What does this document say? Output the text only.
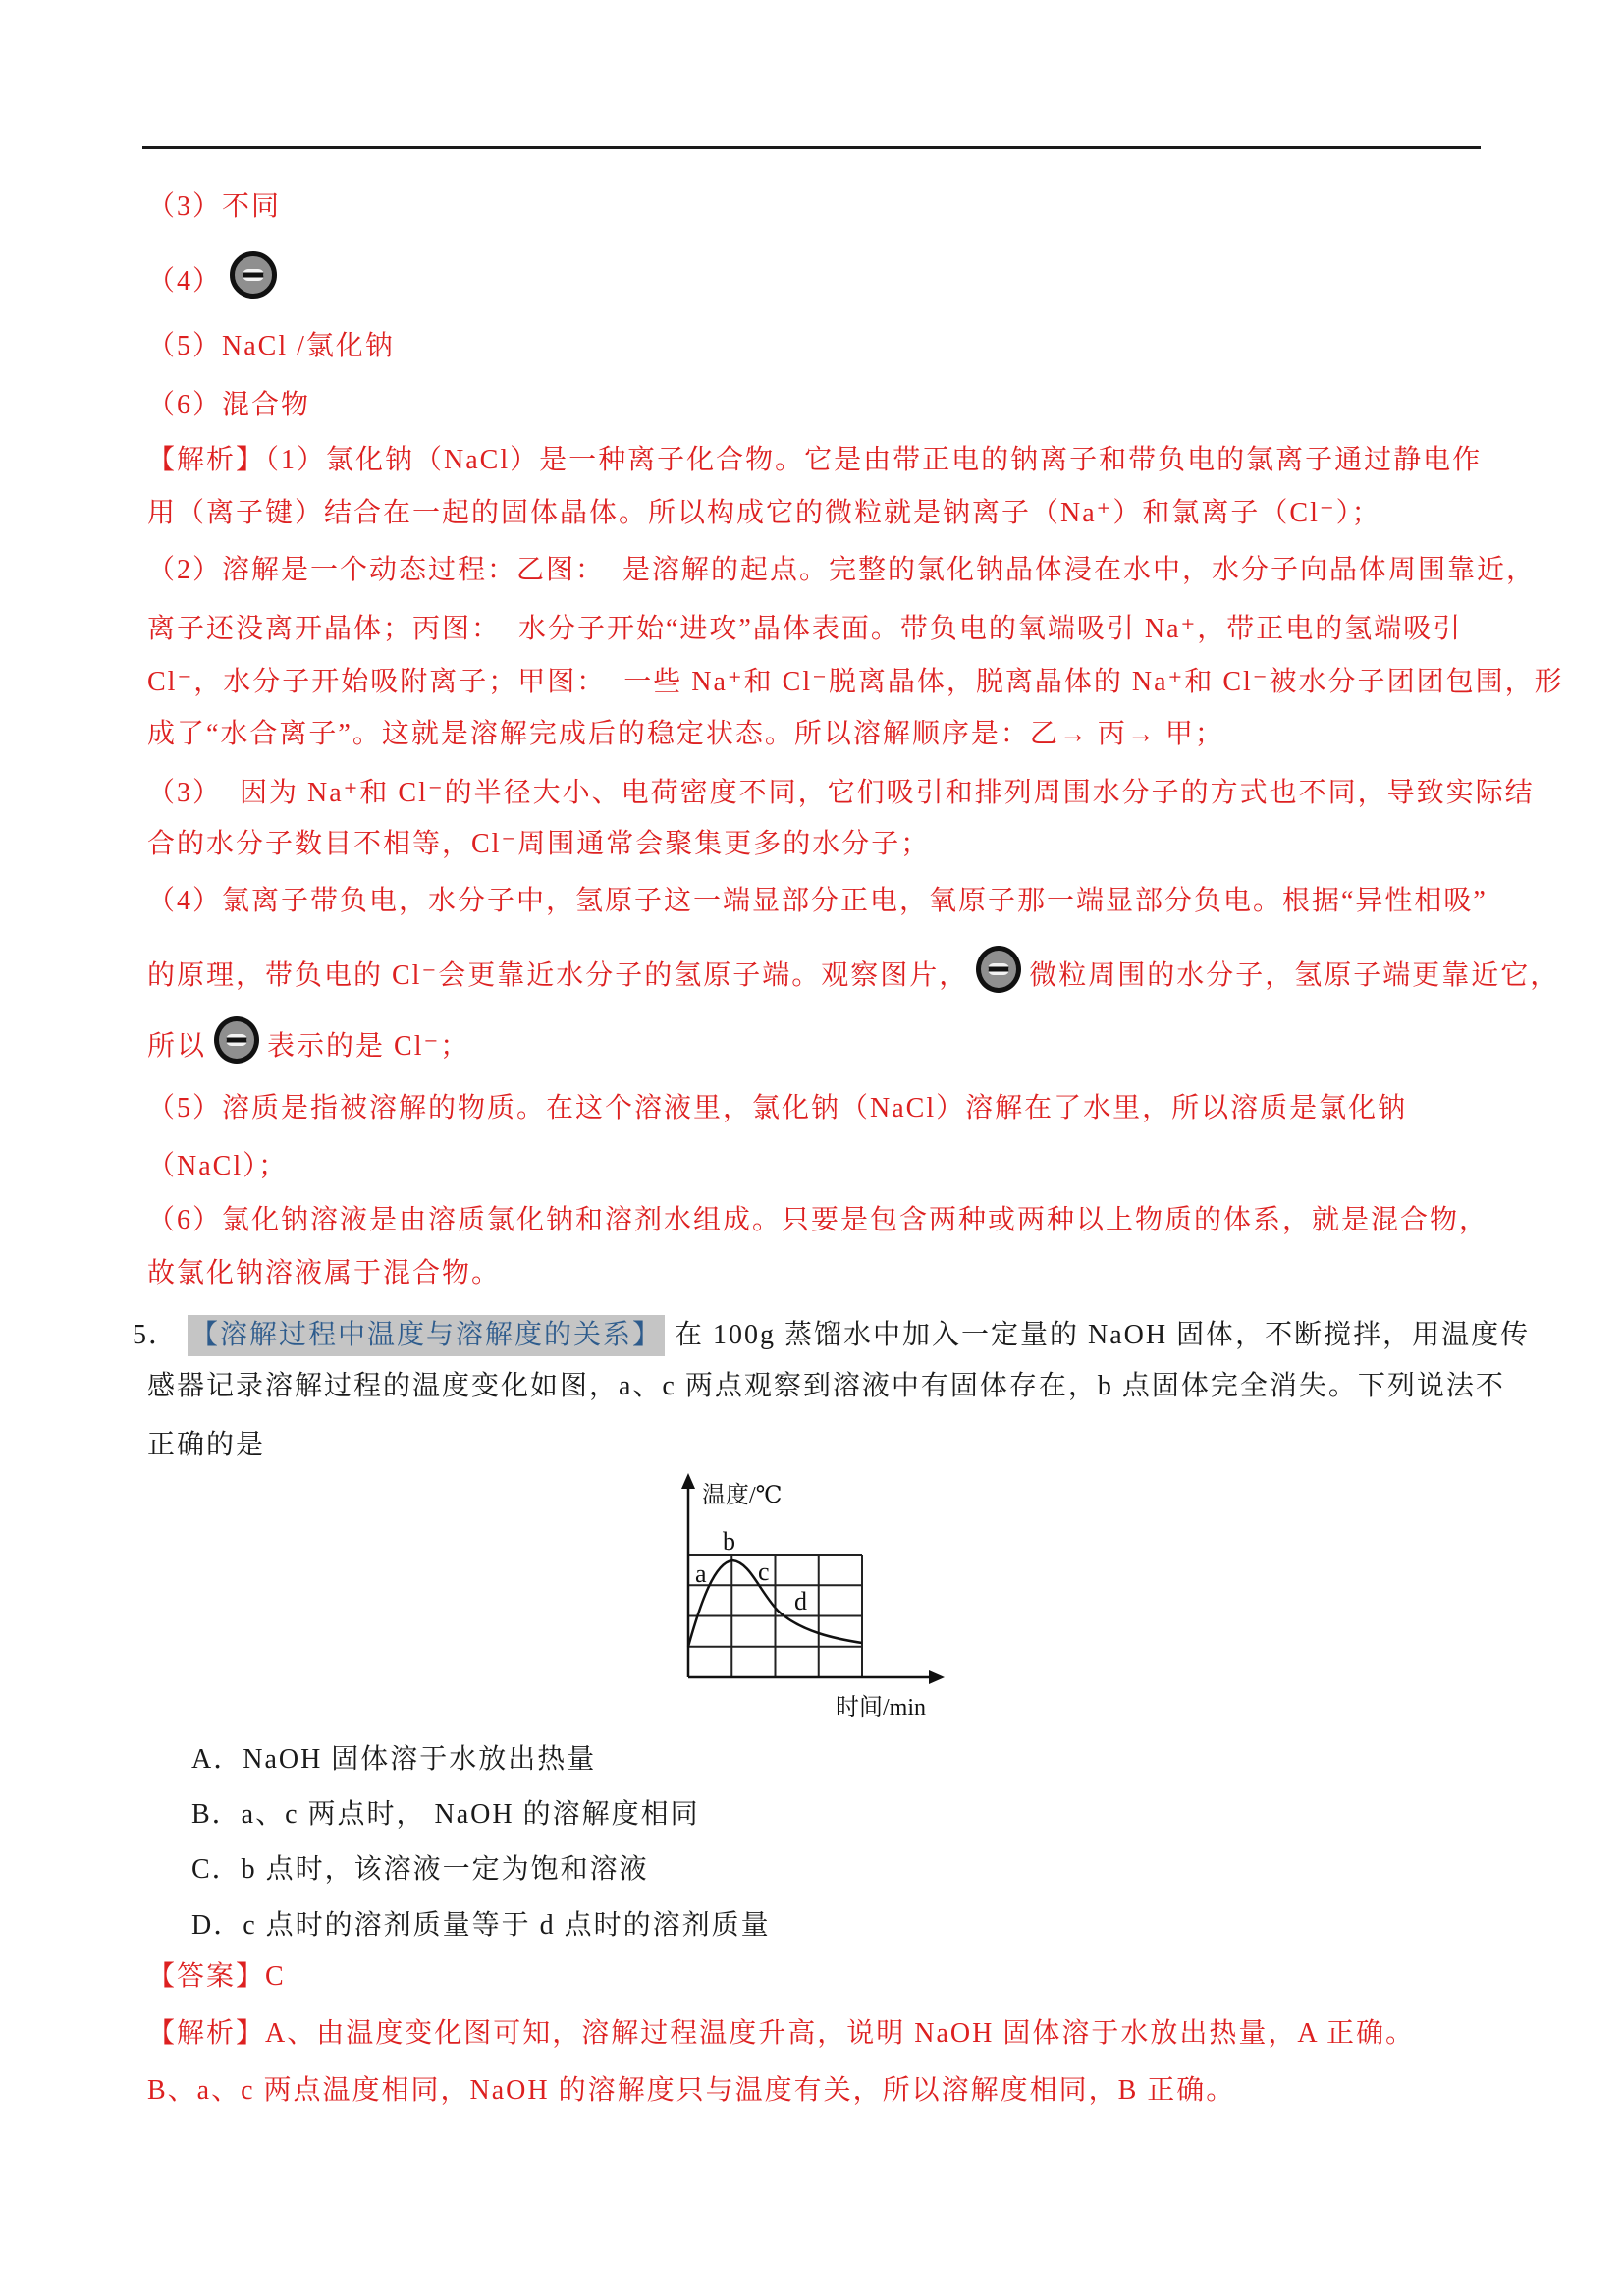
（3）不同
（4）
（5）NaCl /氯化钠
（6）混合物
【解析】（1）氯化钠（NaCl）是一种离子化合物。它是由带正电的钠离子和带负电的氯离子通过静电作
用（离子键）结合在一起的固体晶体。所以构成它的微粒就是钠离子（Na⁺）和氯离子（Cl⁻）；
（2）溶解是一个动态过程：乙图：  是溶解的起点。完整的氯化钠晶体浸在水中，水分子向晶体周围靠近，
离子还没离开晶体；丙图：  水分子开始“进攻”晶体表面。带负电的氧端吸引 Na⁺，带正电的氢端吸引
Cl⁻，水分子开始吸附离子；甲图：  一些 Na⁺和 Cl⁻脱离晶体，脱离晶体的 Na⁺和 Cl⁻被水分子团团包围，形
成了“水合离子”。这就是溶解完成后的稳定状态。所以溶解顺序是：乙→ 丙→ 甲；
（3）  因为 Na⁺和 Cl⁻的半径大小、电荷密度不同，它们吸引和排列周围水分子的方式也不同，导致实际结
合的水分子数目不相等，Cl⁻周围通常会聚集更多的水分子；
（4）氯离子带负电，水分子中，氢原子这一端显部分正电，氧原子那一端显部分负电。根据“异性相吸”
的原理，带负电的 Cl⁻会更靠近水分子的氢原子端。观察图片， 微粒周围的水分子，氢原子端更靠近它，
所以 表示的是 Cl⁻；
（5）溶质是指被溶解的物质。在这个溶液里，氯化钠（NaCl）溶解在了水里，所以溶质是氯化钠
（NaCl）；
（6）氯化钠溶液是由溶质氯化钠和溶剂水组成。只要是包含两种或两种以上物质的体系，就是混合物，
故氯化钠溶液属于混合物。
5． 【溶解过程中温度与溶解度的关系】 在 100g 蒸馏水中加入一定量的 NaOH 固体，不断搅拌，用温度传
感器记录溶解过程的温度变化如图，a、c 两点观察到溶液中有固体存在，b 点固体完全消失。下列说法不
正确的是
温度/℃
时间/min
a
b
c
d
A．NaOH 固体溶于水放出热量
B．a、c 两点时， NaOH 的溶解度相同
C．b 点时，该溶液一定为饱和溶液
D．c 点时的溶剂质量等于 d 点时的溶剂质量
【答案】C
【解析】A、由温度变化图可知，溶解过程温度升高，说明 NaOH 固体溶于水放出热量，A 正确。
B、a、c 两点温度相同，NaOH 的溶解度只与温度有关，所以溶解度相同，B 正确。
